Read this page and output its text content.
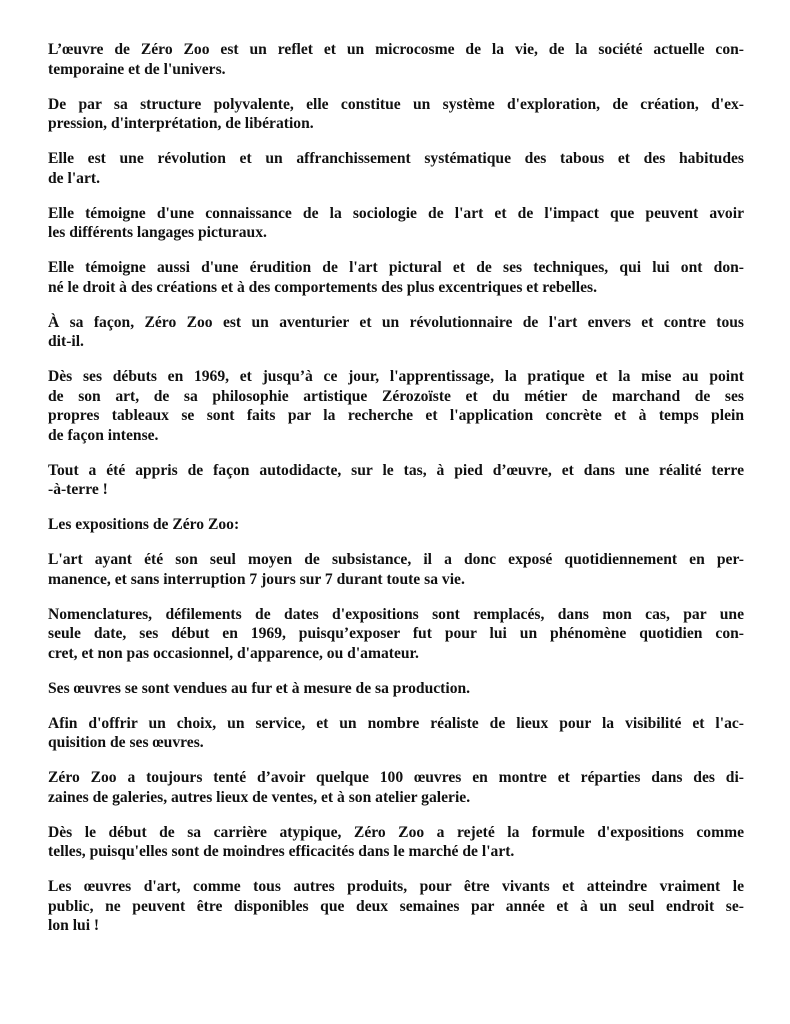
L’œuvre de Zéro Zoo est un reflet et un microcosme de la vie, de la société actuelle con-
temporaine et de l'univers.

De par sa structure polyvalente, elle constitue un système d'exploration, de création, d'ex-
pression, d'interprétation, de libération.

Elle est une révolution et un affranchissement systématique des tabous et des habitudes
de l'art.

Elle témoigne d'une connaissance de la sociologie de l'art et de l'impact que peuvent avoir
les différents langages picturaux.

Elle témoigne aussi d'une érudition de l'art pictural et de ses techniques, qui lui ont don-
né le droit à des créations et à des comportements des plus excentriques et rebelles.

À sa façon, Zéro Zoo est un aventurier et un révolutionnaire de l'art envers et contre tous
dit-il.

Dès ses débuts en 1969, et jusqu’à ce jour, l'apprentissage, la pratique et la mise au point
de son art, de sa philosophie artistique Zérozoïste et du métier de marchand de ses
propres tableaux se sont faits par la recherche et l'application concrète et à temps plein
de façon intense.

Tout a été appris de façon autodidacte, sur le tas, à pied d’œuvre, et dans une réalité terre
-à-terre !

Les expositions de Zéro Zoo:

L'art ayant été son seul moyen de subsistance, il a donc exposé quotidiennement en per-
manence, et sans interruption 7 jours sur 7 durant toute sa vie.

Nomenclatures, défilements de dates d'expositions sont remplacés, dans mon cas, par une
seule date, ses début en 1969, puisqu’exposer fut pour lui un phénomène quotidien con-
cret, et non pas occasionnel, d'apparence, ou d'amateur.

Ses œuvres se sont vendues au fur et à mesure de sa production.

Afin d'offrir un choix, un service, et un nombre réaliste de lieux pour la visibilité et l'ac-
quisition de ses œuvres.

Zéro Zoo a toujours tenté d’avoir quelque 100 œuvres en montre et réparties dans des di-
zaines de galeries, autres lieux de ventes, et à son atelier galerie.

Dès le début de sa carrière atypique, Zéro Zoo a rejeté la formule d'expositions comme
telles, puisqu'elles sont de moindres efficacités dans le marché de l'art.

Les œuvres d'art, comme tous autres produits, pour être vivants et atteindre vraiment le
public, ne peuvent être disponibles que deux semaines par année et à un seul endroit se-
lon lui !
